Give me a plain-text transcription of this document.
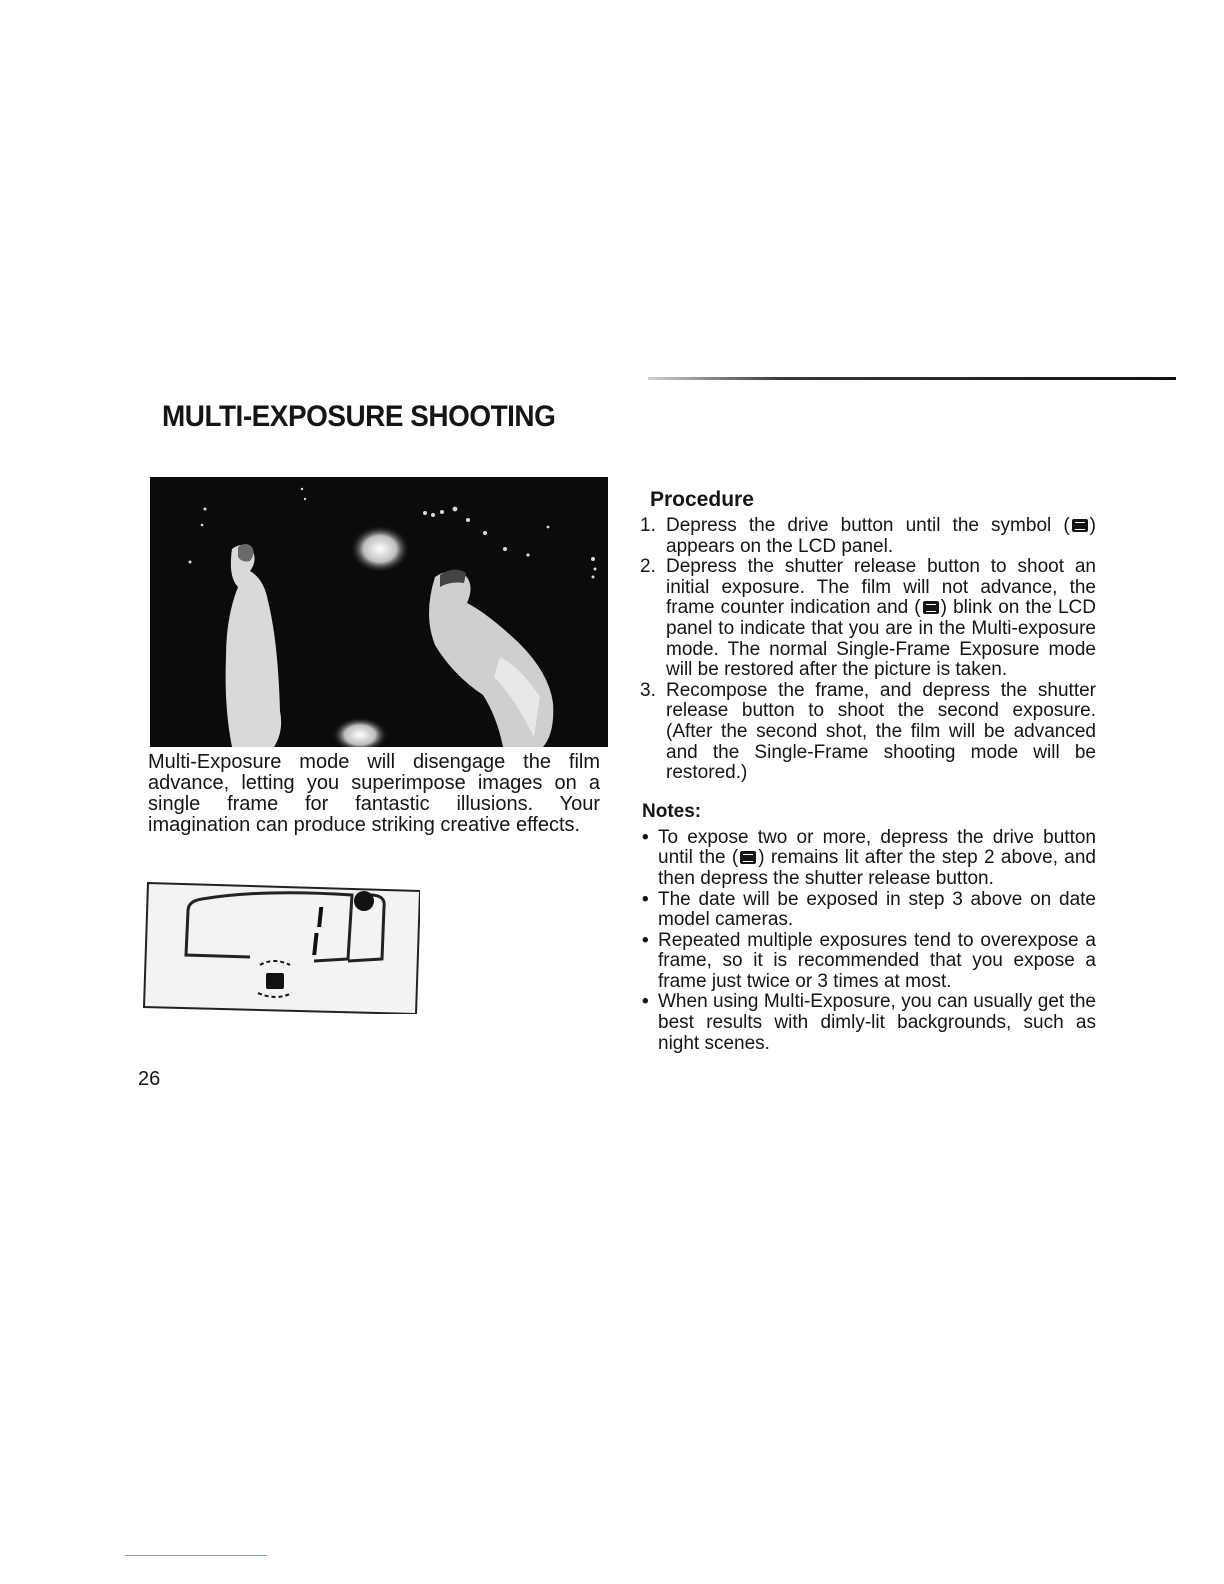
MULTI-EXPOSURE SHOOTING

Multi-Exposure mode will disengage the film advance, letting you superimpose images on a single frame for fantastic illusions. Your imagination can produce striking creative effects.

26

Procedure
1. Depress the drive button until the symbol ( ) appears on the LCD panel.
2. Depress the shutter release button to shoot an initial exposure. The film will not advance, the frame counter indication and ( ) blink on the LCD panel to indicate that you are in the Multi-exposure mode. The normal Single-Frame Exposure mode will be restored after the picture is taken.
3. Recompose the frame, and depress the shutter release button to shoot the second exposure. (After the second shot, the film will be advanced and the Single-Frame shooting mode will be restored.)
Notes:
• To expose two or more, depress the drive button until the ( ) remains lit after the step 2 above, and then depress the shutter release button.
• The date will be exposed in step 3 above on date model cameras.
• Repeated multiple exposures tend to overexpose a frame, so it is recommended that you expose a frame just twice or 3 times at most.
• When using Multi-Exposure, you can usually get the best results with dimly-lit backgrounds, such as night scenes.
